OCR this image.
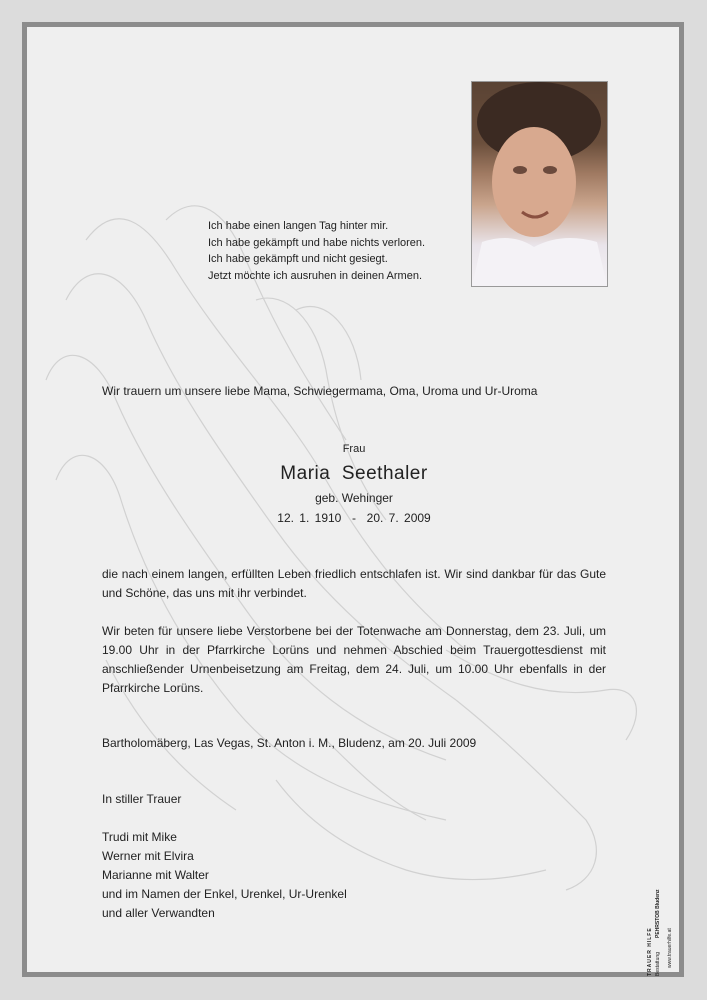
Ich habe einen langen Tag hinter mir.
Ich habe gekämpft und habe nichts verloren.
Ich habe gekämpft und nicht gesiegt.
Jetzt möchte ich ausruhen in deinen Armen.
Wir trauern um unsere liebe Mama, Schwiegermama, Oma, Uroma und Ur-Uroma
Frau
Maria  Seethaler
geb. Wehinger
12. 1. 1910  -  20. 7. 2009
die nach einem langen, erfüllten Leben friedlich entschlafen ist. Wir sind dankbar für das Gute und Schöne, das uns mit ihr verbindet.
Wir beten für unsere liebe Verstorbene bei der Totenwache am Donnerstag, dem 23. Juli, um 19.00 Uhr in der Pfarrkirche Lorüns und nehmen Abschied beim Trauergottesdienst mit anschließender Urnenbeisetzung am Freitag, dem 24. Juli, um 10.00 Uhr ebenfalls in der Pfarrkirche Lorüns.
Bartholomäberg, Las Vegas, St. Anton i. M., Bludenz, am 20. Juli 2009
In stiller Trauer
Trudi mit Mike
Werner mit Elvira
Marianne mit Walter
und im Namen der Enkel, Urenkel, Ur-Urenkel
und aller Verwandten
TRAUER HILFE Bestattung
PEHRSTOB Bludenz
www.trauerhilfe.at
